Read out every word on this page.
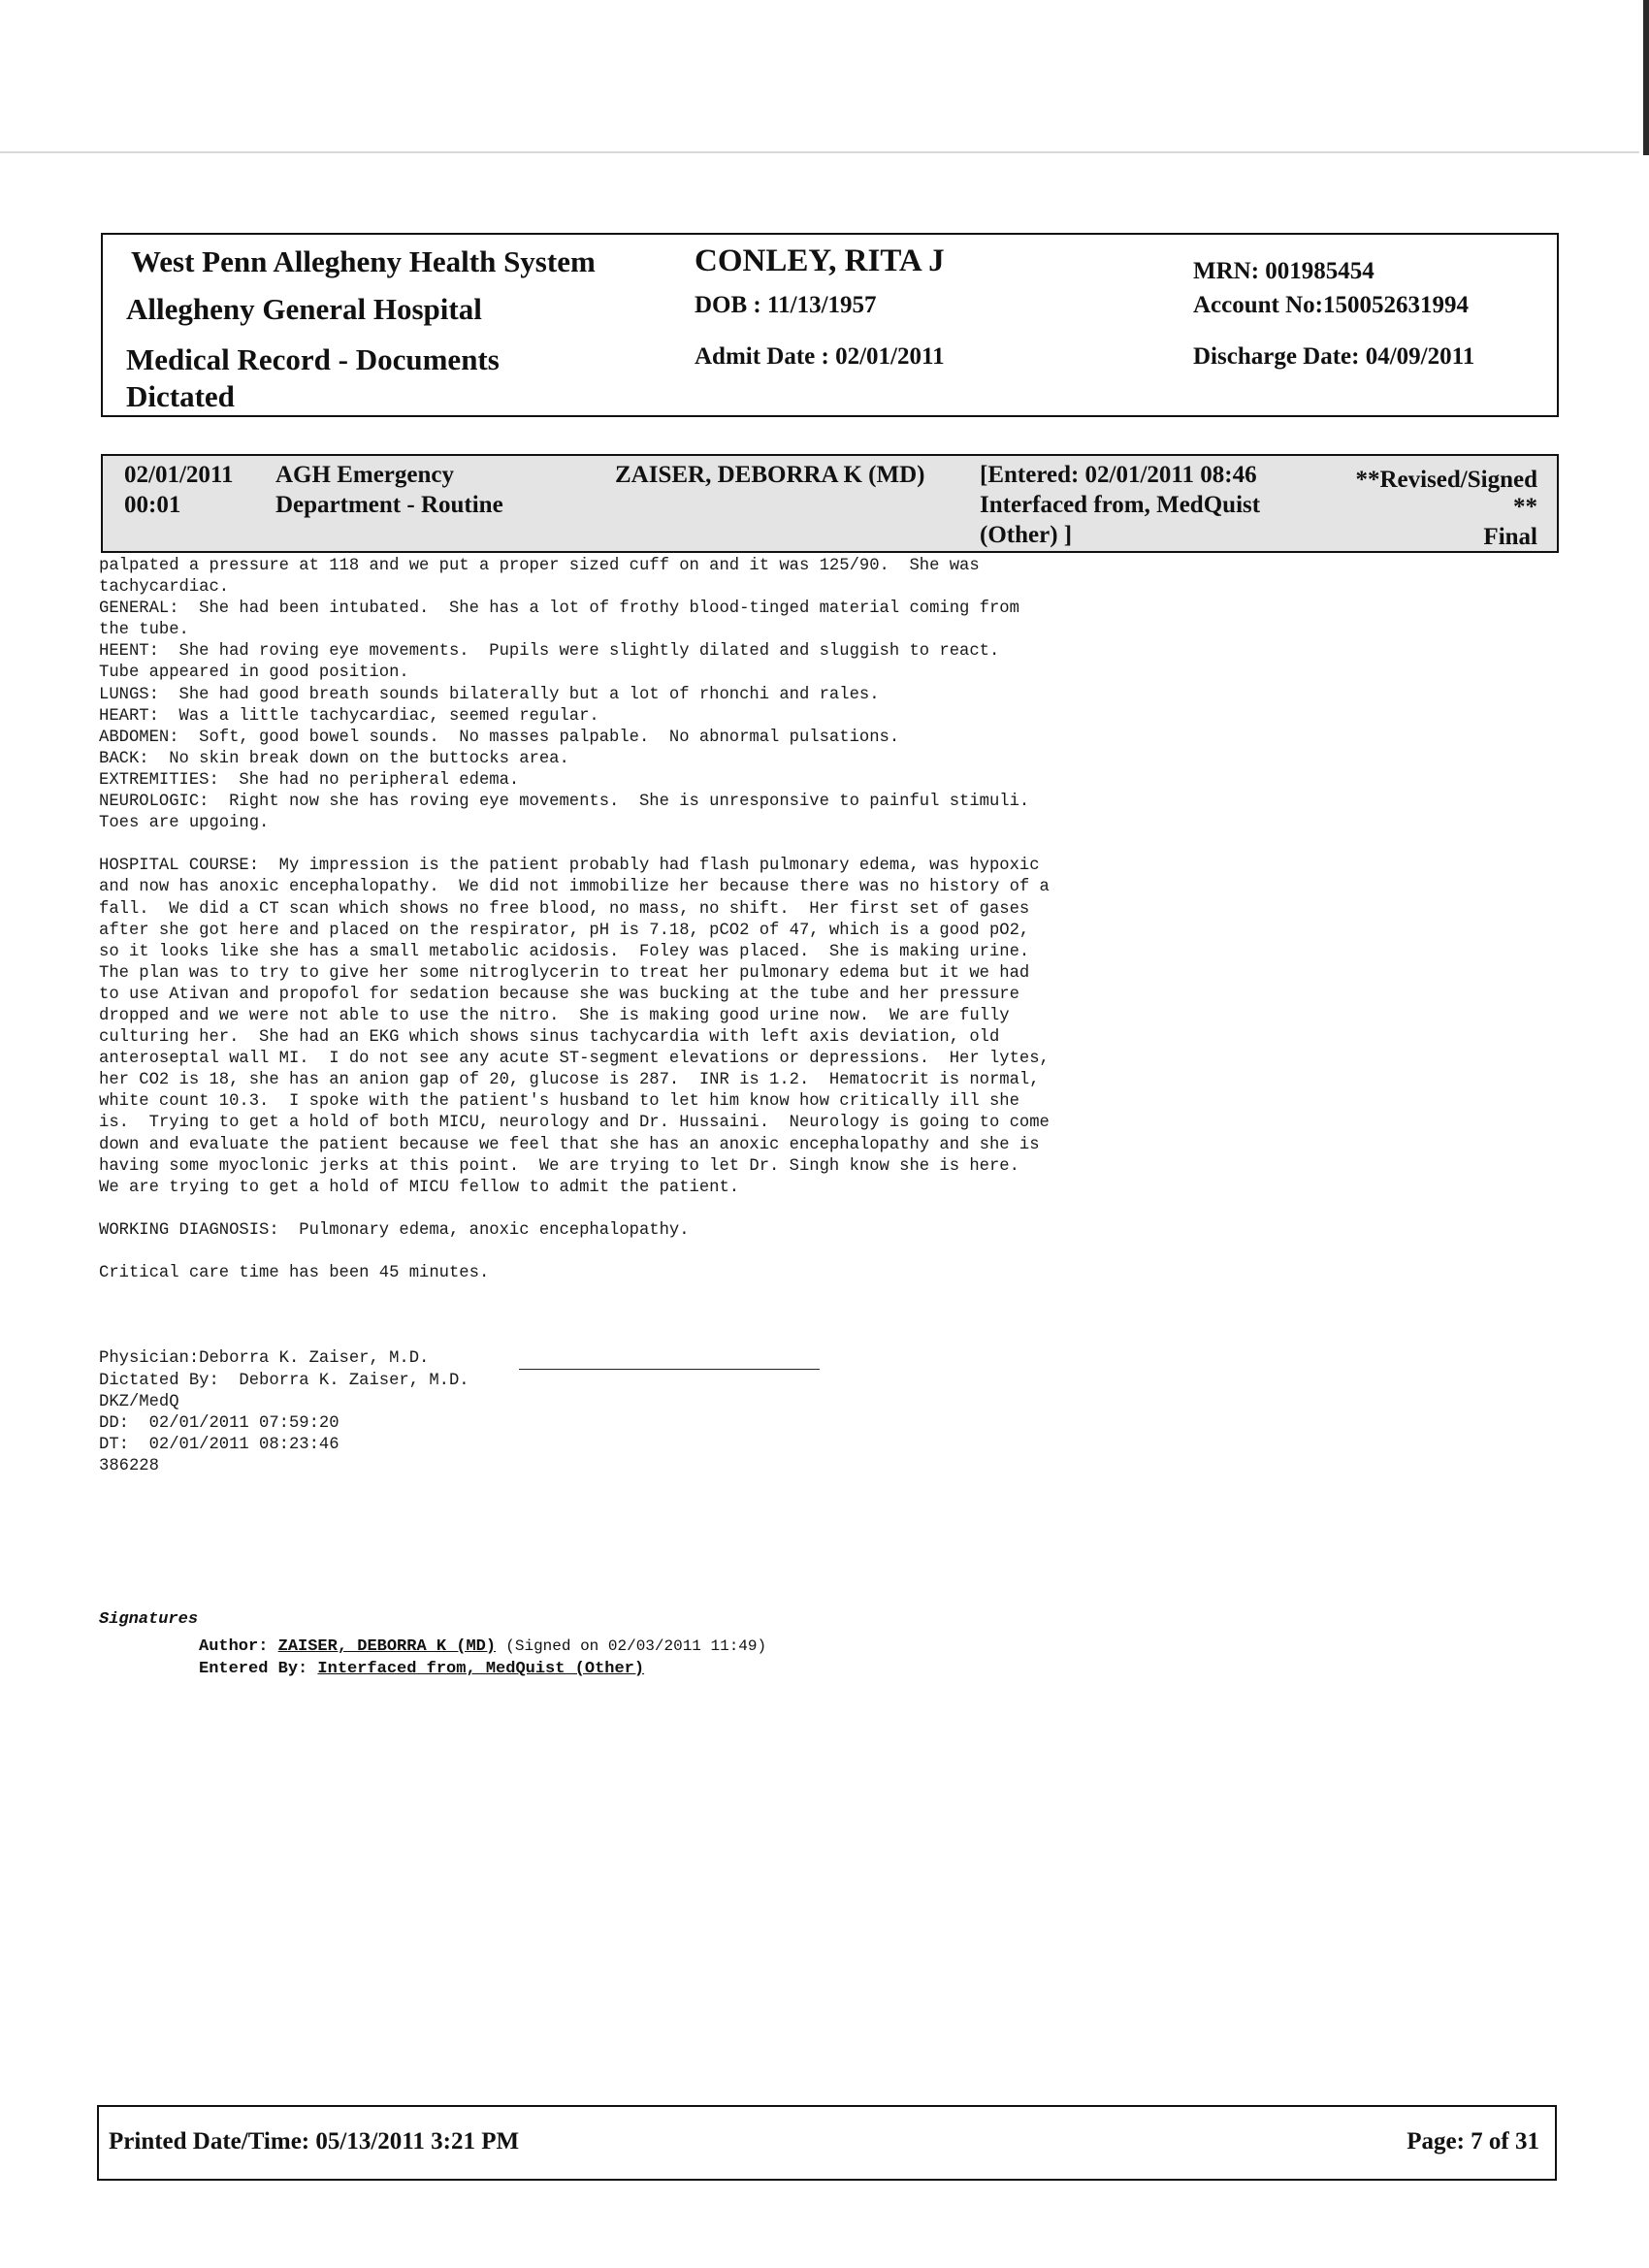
West Penn Allegheny Health System
Allegheny General Hospital
Medical Record - Documents
Dictated
CONLEY, RITA J
DOB : 11/13/1957
Admit Date : 02/01/2011
MRN: 001985454
Account No:150052631994
Discharge Date: 04/09/2011
02/01/2011
00:01
AGH Emergency
Department - Routine
ZAISER, DEBORRA K (MD) [Entered: 02/01/2011 08:46
Interfaced from, MedQuist
(Other) ]
**Revised/Signed
**
Final
palpated a pressure at 118 and we put a proper sized cuff on and it was 125/90.  She was
tachycardiac.
GENERAL:  She had been intubated.  She has a lot of frothy blood-tinged material coming from
the tube.
HEENT:  She had roving eye movements.  Pupils were slightly dilated and sluggish to react.
Tube appeared in good position.
LUNGS:  She had good breath sounds bilaterally but a lot of rhonchi and rales.
HEART:  Was a little tachycardiac, seemed regular.
ABDOMEN:  Soft, good bowel sounds.  No masses palpable.  No abnormal pulsations.
BACK:  No skin break down on the buttocks area.
EXTREMITIES:  She had no peripheral edema.
NEUROLOGIC:  Right now she has roving eye movements.  She is unresponsive to painful stimuli.
Toes are upgoing.

HOSPITAL COURSE:  My impression is the patient probably had flash pulmonary edema, was hypoxic
and now has anoxic encephalopathy.  We did not immobilize her because there was no history of a
fall.  We did a CT scan which shows no free blood, no mass, no shift.  Her first set of gases
after she got here and placed on the respirator, pH is 7.18, pCO2 of 47, which is a good pO2,
so it looks like she has a small metabolic acidosis.  Foley was placed.  She is making urine.
The plan was to try to give her some nitroglycerin to treat her pulmonary edema but it we had
to use Ativan and propofol for sedation because she was bucking at the tube and her pressure
dropped and we were not able to use the nitro.  She is making good urine now.  We are fully
culturing her.  She had an EKG which shows sinus tachycardia with left axis deviation, old
anteroseptal wall MI.  I do not see any acute ST-segment elevations or depressions.  Her lytes,
her CO2 is 18, she has an anion gap of 20, glucose is 287.  INR is 1.2.  Hematocrit is normal,
white count 10.3.  I spoke with the patient's husband to let him know how critically ill she
is.  Trying to get a hold of both MICU, neurology and Dr. Hussaini.  Neurology is going to come
down and evaluate the patient because we feel that she has an anoxic encephalopathy and she is
having some myoclonic jerks at this point.  We are trying to let Dr. Singh know she is here.
We are trying to get a hold of MICU fellow to admit the patient.

WORKING DIAGNOSIS:  Pulmonary edema, anoxic encephalopathy.

Critical care time has been 45 minutes.

Physician:Deborra K. Zaiser, M.D.
Dictated By:  Deborra K. Zaiser, M.D.
DKZ/MedQ
DD:  02/01/2011 07:59:20
DT:  02/01/2011 08:23:46
386228
Signatures
Author: ZAISER, DEBORRA K (MD) (Signed on 02/03/2011 11:49)
Entered By: Interfaced from, MedQuist (Other)
Printed Date/Time: 05/13/2011 3:21 PM	Page: 7 of 31
